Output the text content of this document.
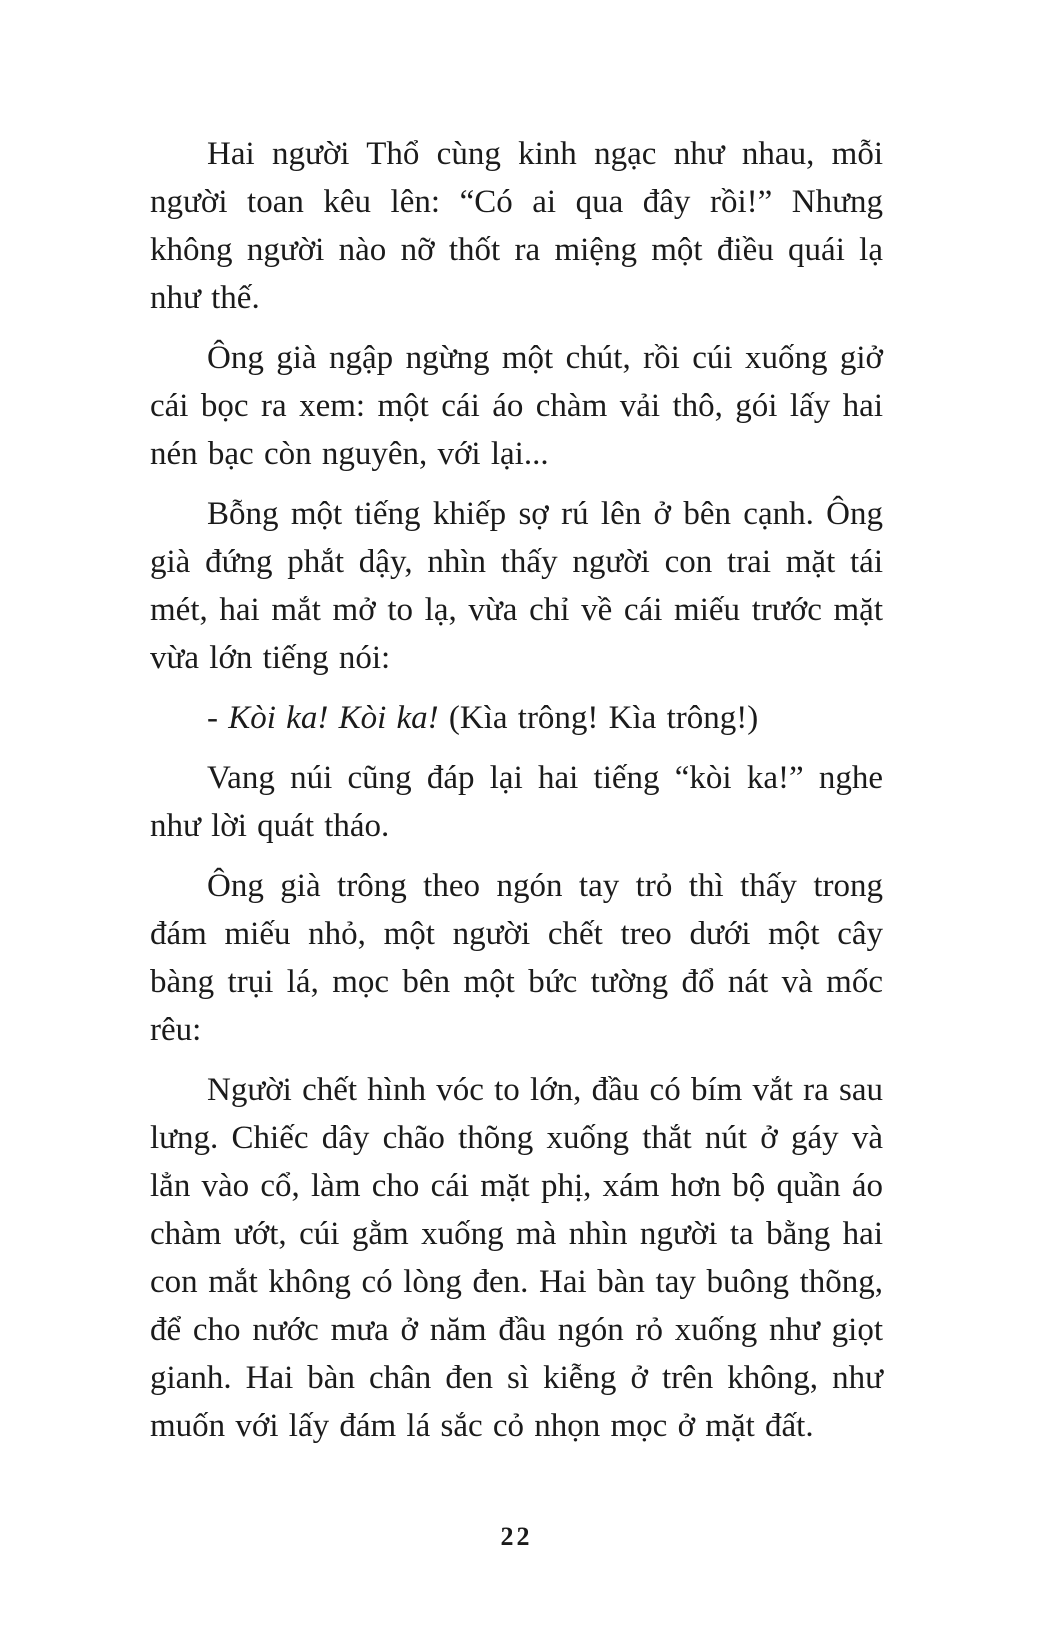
Hai người Thổ cùng kinh ngạc như nhau, mỗi người toan kêu lên: “Có ai qua đây rồi!” Nhưng không người nào nỡ thốt ra miệng một điều quái lạ như thế.

Ông già ngập ngừng một chút, rồi cúi xuống giở cái bọc ra xem: một cái áo chàm vải thô, gói lấy hai nén bạc còn nguyên, với lại...

Bỗng một tiếng khiếp sợ rú lên ở bên cạnh. Ông già đứng phắt dậy, nhìn thấy người con trai mặt tái mét, hai mắt mở to lạ, vừa chỉ về cái miếu trước mặt vừa lớn tiếng nói:

- Kòi ka! Kòi ka! (Kìa trông! Kìa trông!)

Vang núi cũng đáp lại hai tiếng “kòi ka!” nghe như lời quát tháo.

Ông già trông theo ngón tay trỏ thì thấy trong đám miếu nhỏ, một người chết treo dưới một cây bàng trụi lá, mọc bên một bức tường đổ nát và mốc rêu:

Người chết hình vóc to lớn, đầu có bím vắt ra sau lưng. Chiếc dây chão thõng xuống thắt nút ở gáy và lẳn vào cổ, làm cho cái mặt phị, xám hơn bộ quần áo chàm ướt, cúi gằm xuống mà nhìn người ta bằng hai con mắt không có lòng đen. Hai bàn tay buông thõng, để cho nước mưa ở năm đầu ngón rỏ xuống như giọt gianh. Hai bàn chân đen sì kiễng ở trên không, như muốn với lấy đám lá sắc cỏ nhọn mọc ở mặt đất.

22
